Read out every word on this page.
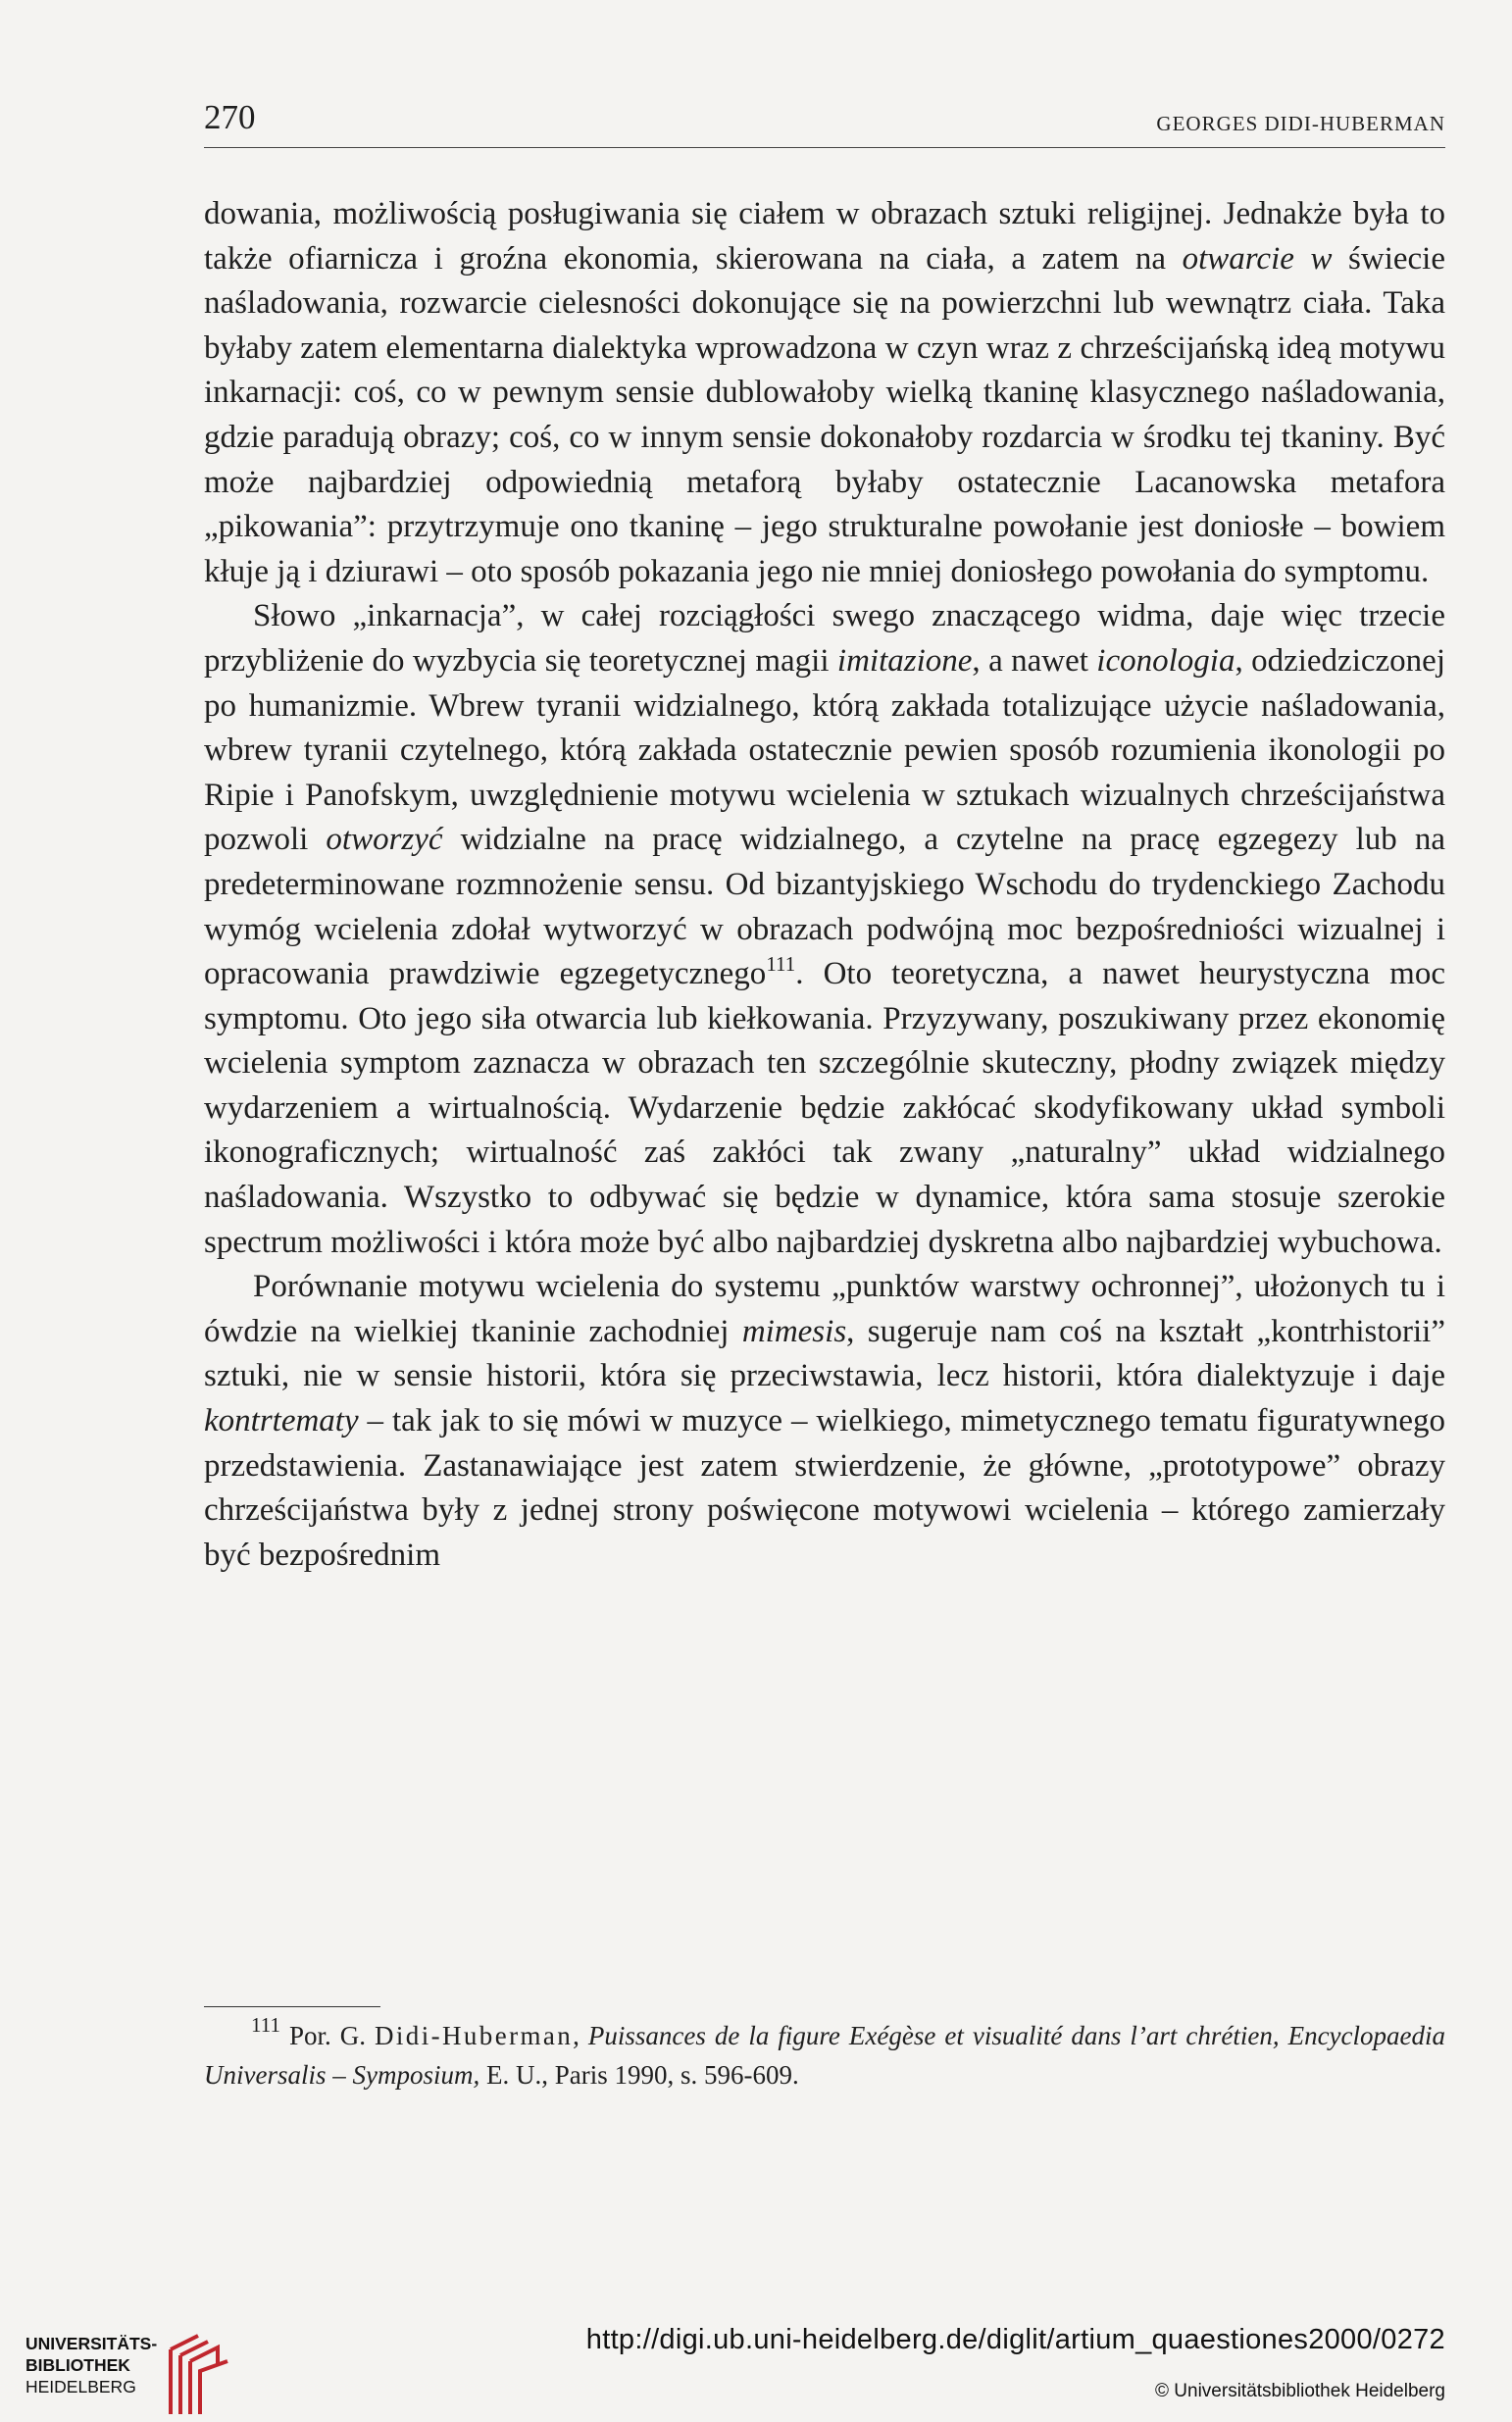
270	GEORGES DIDI-HUBERMAN

dowania, możliwością posługiwania się ciałem w obrazach sztuki religijnej. Jednakże była to także ofiarnicza i groźna ekonomia, skierowana na ciała, a zatem na otwarcie w świecie naśladowania, rozwarcie cielesności dokonujące się na powierzchni lub wewnątrz ciała. Taka byłaby zatem elementarna dialektyka wprowadzona w czyn wraz z chrześcijańską ideą motywu inkarnacji: coś, co w pewnym sensie dublowałoby wielką tkaninę klasycznego naśladowania, gdzie paradują obrazy; coś, co w innym sensie dokonałoby rozdarcia w środku tej tkaniny. Być może najbardziej odpowiednią metaforą byłaby ostatecznie Lacanowska metafora „pikowania”: przytrzymuje ono tkaninę – jego strukturalne powołanie jest doniosłe – bowiem kłuje ją i dziurawi – oto sposób pokazania jego nie mniej doniosłego powołania do symptomu.

Słowo „inkarnacja”, w całej rozciągłości swego znaczącego widma, daje więc trzecie przybliżenie do wyzbycia się teoretycznej magii imitazione, a nawet iconologia, odziedziczonej po humanizmie. Wbrew tyranii widzialnego, którą zakłada totalizujące użycie naśladowania, wbrew tyranii czytelnego, którą zakłada ostatecznie pewien sposób rozumienia ikonologii po Ripie i Panofskym, uwzględnienie motywu wcielenia w sztukach wizualnych chrześcijaństwa pozwoli otworzyć widzialne na pracę widzialnego, a czytelne na pracę egzegezy lub na predeterminowane rozmnożenie sensu. Od bizantyjskiego Wschodu do trydenckiego Zachodu wymóg wcielenia zdołał wytworzyć w obrazach podwójną moc bezpośredniości wizualnej i opracowania prawdziwie egzegetycznego$^{111}$. Oto teoretyczna, a nawet heurystyczna moc symptomu. Oto jego siła otwarcia lub kiełkowania. Przyzywany, poszukiwany przez ekonomię wcielenia symptom zaznacza w obrazach ten szczególnie skuteczny, płodny związek między wydarzeniem a wirtualnością. Wydarzenie będzie zakłócać skodyfikowany układ symboli ikonograficznych; wirtualność zaś zakłóci tak zwany „naturalny” układ widzialnego naśladowania. Wszystko to odbywać się będzie w dynamice, która sama stosuje szerokie spectrum możliwości i która może być albo najbardziej dyskretna albo najbardziej wybuchowa.

Porównanie motywu wcielenia do systemu „punktów warstwy ochronnej”, ułożonych tu i ówdzie na wielkiej tkaninie zachodniej mimesis, sugeruje nam coś na kształt „kontrhistorii” sztuki, nie w sensie historii, która się przeciwstawia, lecz historii, która dialektyzuje i daje kontrtematy – tak jak to się mówi w muzyce – wielkiego, mimetycznego tematu figuratywnego przedstawienia. Zastanawiające jest zatem stwierdzenie, że główne, „prototypowe” obrazy chrześcijaństwa były z jednej strony poświęcone motywowi wcielenia – którego zamierzały być bezpośrednim

$^{111}$ Por. G. Didi-Huberman, Puissances de la figure Exégèse et visualité dans l’art chrétien, Encyclopaedia Universalis – Symposium, E. U., Paris 1990, s. 596-609.
UNIVERSITÄTS-
BIBLIOTHEK
HEIDELBERG
http://digi.ub.uni-heidelberg.de/diglit/artium_quaestiones2000/0272
© Universitätsbibliothek Heidelberg
